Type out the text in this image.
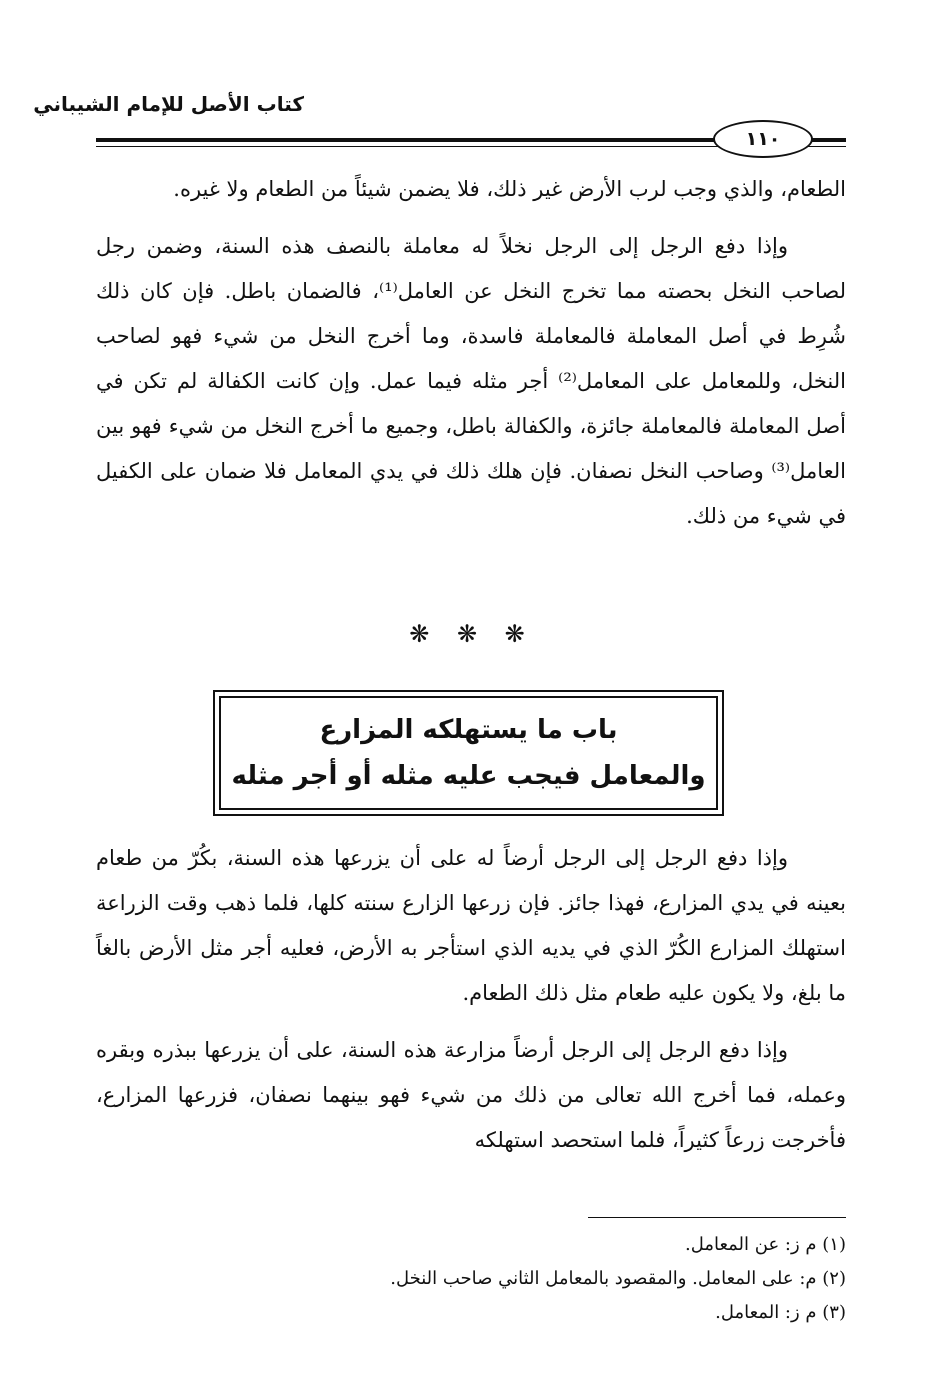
كتاب الأصل للإمام الشيباني
١١٠

الطعام، والذي وجب لرب الأرض غير ذلك، فلا يضمن شيئاً من الطعام ولا غيره.

وإذا دفع الرجل إلى الرجل نخلاً له معاملة بالنصف هذه السنة، وضمن رجل لصاحب النخل بحصته مما تخرج النخل عن العامل⁽¹⁾، فالضمان باطل. فإن كان ذلك شُرِط في أصل المعاملة فالمعاملة فاسدة، وما أخرج النخل من شيء فهو لصاحب النخل، وللمعامل على المعامل⁽²⁾ أجر مثله فيما عمل. وإن كانت الكفالة لم تكن في أصل المعاملة فالمعاملة جائزة، والكفالة باطل، وجميع ما أخرج النخل من شيء فهو بين العامل⁽³⁾ وصاحب النخل نصفان. فإن هلك ذلك في يدي المعامل فلا ضمان على الكفيل في شيء من ذلك.

❋ ❋ ❋
باب ما يستهلكه المزارع
والمعامل فيجب عليه مثله أو أجر مثله

وإذا دفع الرجل إلى الرجل أرضاً له على أن يزرعها هذه السنة، بكُرّ من طعام بعينه في يدي المزارع، فهذا جائز. فإن زرعها الزارع سنته كلها، فلما ذهب وقت الزراعة استهلك المزارع الكُرّ الذي في يديه الذي استأجر به الأرض، فعليه أجر مثل الأرض بالغاً ما بلغ، ولا يكون عليه طعام مثل ذلك الطعام.

وإذا دفع الرجل إلى الرجل أرضاً مزارعة هذه السنة، على أن يزرعها ببذره وبقره وعمله، فما أخرج الله تعالى من ذلك من شيء فهو بينهما نصفان، فزرعها المزارع، فأخرجت زرعاً كثيراً، فلما استحصد استهلكه

(١) م ز: عن المعامل.
(٢) م: على المعامل. والمقصود بالمعامل الثاني صاحب النخل.
(٣) م ز: المعامل.
